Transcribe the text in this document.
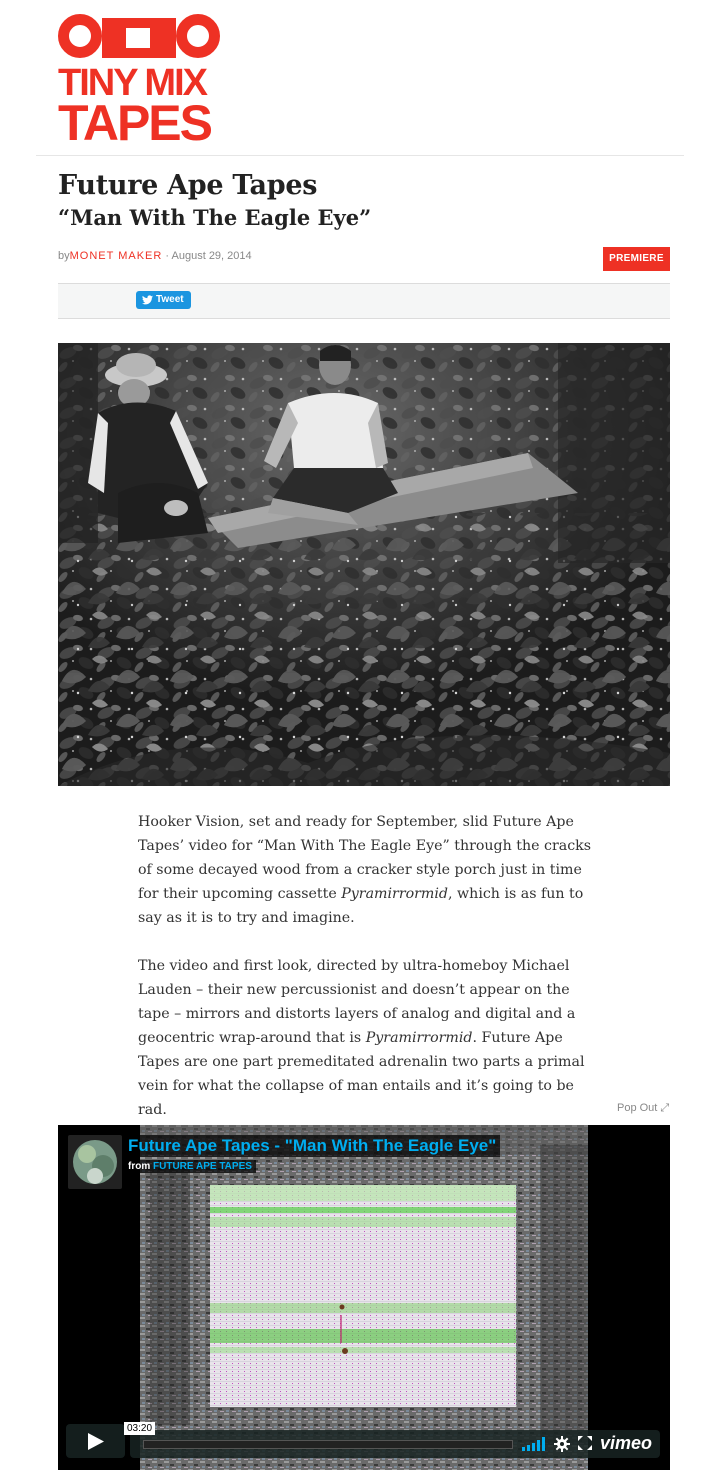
TINY MIX
TAPES
Future Ape Tapes
“Man With The Eagle Eye”
byMONET MAKER · August 29, 2014	PREMIERE
Tweet

Hooker Vision, set and ready for September, slid Future Ape Tapes’ video for “Man With The Eagle Eye” through the cracks of some decayed wood from a cracker style porch just in time for their upcoming cassette Pyramirrormid, which is as fun to say as it is to try and imagine.

The video and first look, directed by ultra-homeboy Michael Lauden – their new percussionist and doesn’t appear on the tape – mirrors and distorts layers of analog and digital and a geocentric wrap-around that is Pyramirrormid. Future Ape Tapes are one part premeditated adrenalin two parts a primal vein for what the collapse of man entails and it’s going to be rad.	Pop Out ⤢
Future Ape Tapes - "Man With The Eagle Eye"
from FUTURE APE TAPES
vimeo
03:20
